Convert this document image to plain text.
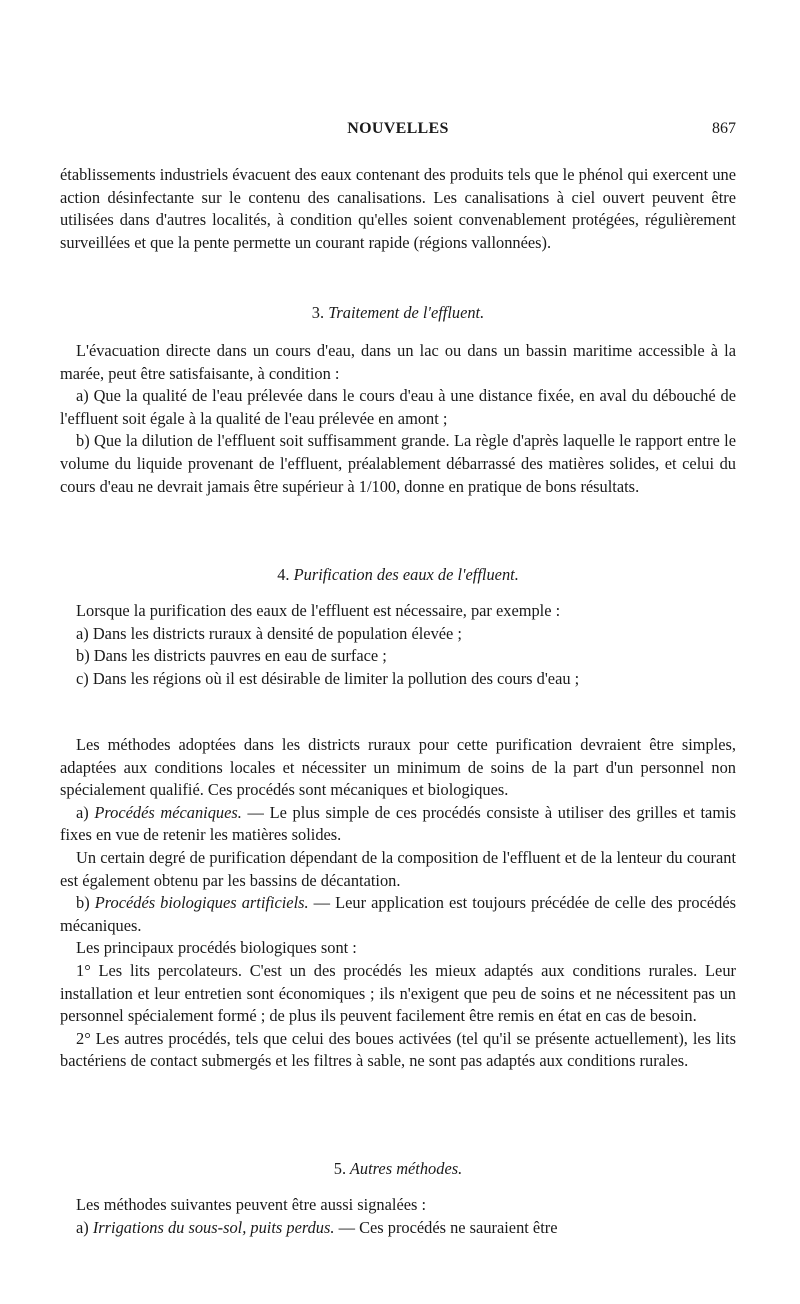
NOUVELLES	867

établissements industriels évacuent des eaux contenant des produits tels que le phénol qui exercent une action désinfectante sur le contenu des canalisations. Les canalisations à ciel ouvert peuvent être utilisées dans d'autres localités, à condition qu'elles soient convenablement protégées, régulièrement surveillées et que la pente permette un courant rapide (régions vallonnées).

3. Traitement de l'effluent.

L'évacuation directe dans un cours d'eau, dans un lac ou dans un bassin maritime accessible à la marée, peut être satisfaisante, à condition :

a) Que la qualité de l'eau prélevée dans le cours d'eau à une distance fixée, en aval du débouché de l'effluent soit égale à la qualité de l'eau prélevée en amont ;

b) Que la dilution de l'effluent soit suffisamment grande. La règle d'après laquelle le rapport entre le volume du liquide provenant de l'effluent, préalablement débarrassé des matières solides, et celui du cours d'eau ne devrait jamais être supérieur à 1/100, donne en pratique de bons résultats.

4. Purification des eaux de l'effluent.

Lorsque la purification des eaux de l'effluent est nécessaire, par exemple :

a) Dans les districts ruraux à densité de population élevée ;

b) Dans les districts pauvres en eau de surface ;

c) Dans les régions où il est désirable de limiter la pollution des cours d'eau ;

Les méthodes adoptées dans les districts ruraux pour cette purification devraient être simples, adaptées aux conditions locales et nécessiter un minimum de soins de la part d'un personnel non spécialement qualifié. Ces procédés sont mécaniques et biologiques.

a) Procédés mécaniques. — Le plus simple de ces procédés consiste à utiliser des grilles et tamis fixes en vue de retenir les matières solides.

Un certain degré de purification dépendant de la composition de l'effluent et de la lenteur du courant est également obtenu par les bassins de décantation.

b) Procédés biologiques artificiels. — Leur application est toujours précédée de celle des procédés mécaniques.

Les principaux procédés biologiques sont :

1° Les lits percolateurs. C'est un des procédés les mieux adaptés aux conditions rurales. Leur installation et leur entretien sont économiques ; ils n'exigent que peu de soins et ne nécessitent pas un personnel spécialement formé ; de plus ils peuvent facilement être remis en état en cas de besoin.

2° Les autres procédés, tels que celui des boues activées (tel qu'il se présente actuellement), les lits bactériens de contact submergés et les filtres à sable, ne sont pas adaptés aux conditions rurales.

5. Autres méthodes.

Les méthodes suivantes peuvent être aussi signalées :

a) Irrigations du sous-sol, puits perdus. — Ces procédés ne sauraient être
